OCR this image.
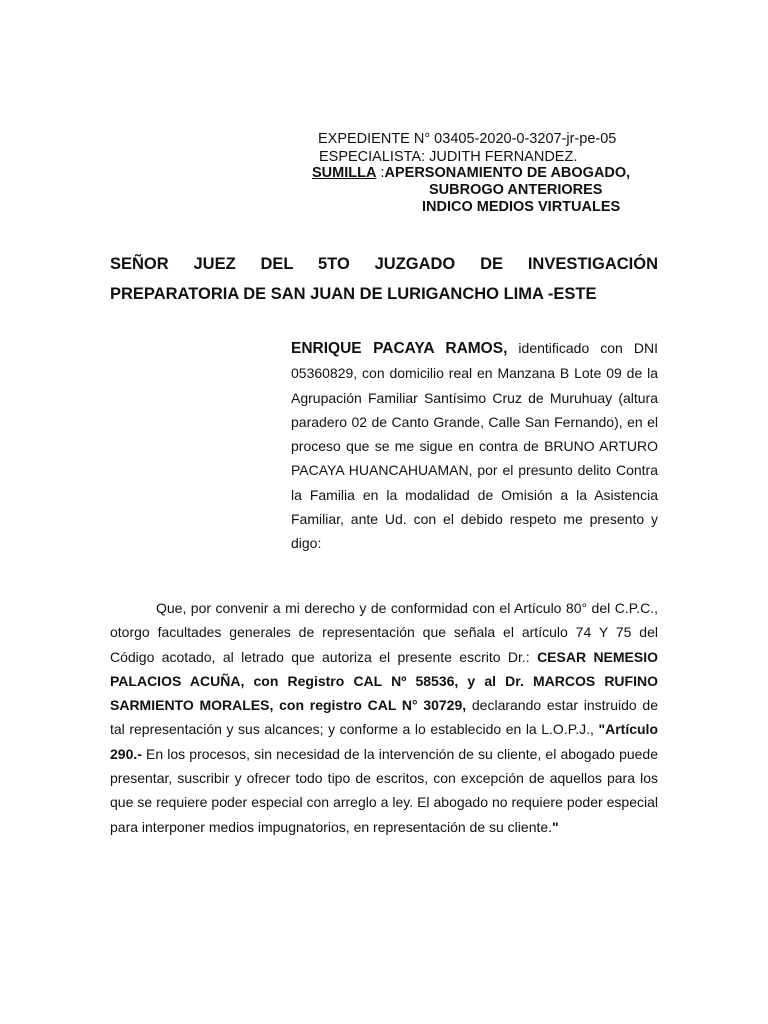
EXPEDIENTE N° 03405-2020-0-3207-jr-pe-05
ESPECIALISTA: JUDITH FERNANDEZ.
SUMILLA :APERSONAMIENTO DE ABOGADO,
SUBROGO ANTERIORES
INDICO MEDIOS VIRTUALES
SEÑOR JUEZ DEL 5TO JUZGADO DE INVESTIGACIÓN
PREPARATORIA DE SAN JUAN DE LURIGANCHO LIMA -ESTE
ENRIQUE PACAYA RAMOS, identificado con DNI 05360829, con domicilio real en Manzana B Lote 09 de la Agrupación Familiar Santísimo Cruz de Muruhuay (altura paradero 02 de Canto Grande, Calle San Fernando), en el proceso que se me sigue en contra de BRUNO ARTURO PACAYA HUANCAHUAMAN, por el presunto delito Contra la Familia en la modalidad de Omisión a la Asistencia Familiar, ante Ud. con el debido respeto me presento y digo:
Que, por convenir a mi derecho y de conformidad con el Artículo 80° del C.P.C., otorgo facultades generales de representación que señala el artículo 74 Y 75 del Código acotado, al letrado que autoriza el presente escrito Dr.: CESAR NEMESIO PALACIOS ACUÑA, con Registro CAL Nº 58536, y al Dr. MARCOS RUFINO SARMIENTO MORALES, con registro CAL N° 30729, declarando estar instruido de tal representación y sus alcances; y conforme a lo establecido en la L.O.P.J., "Artículo 290.- En los procesos, sin necesidad de la intervención de su cliente, el abogado puede presentar, suscribir y ofrecer todo tipo de escritos, con excepción de aquellos para los que se requiere poder especial con arreglo a ley. El abogado no requiere poder especial para interponer medios impugnatorios, en representación de su cliente."
